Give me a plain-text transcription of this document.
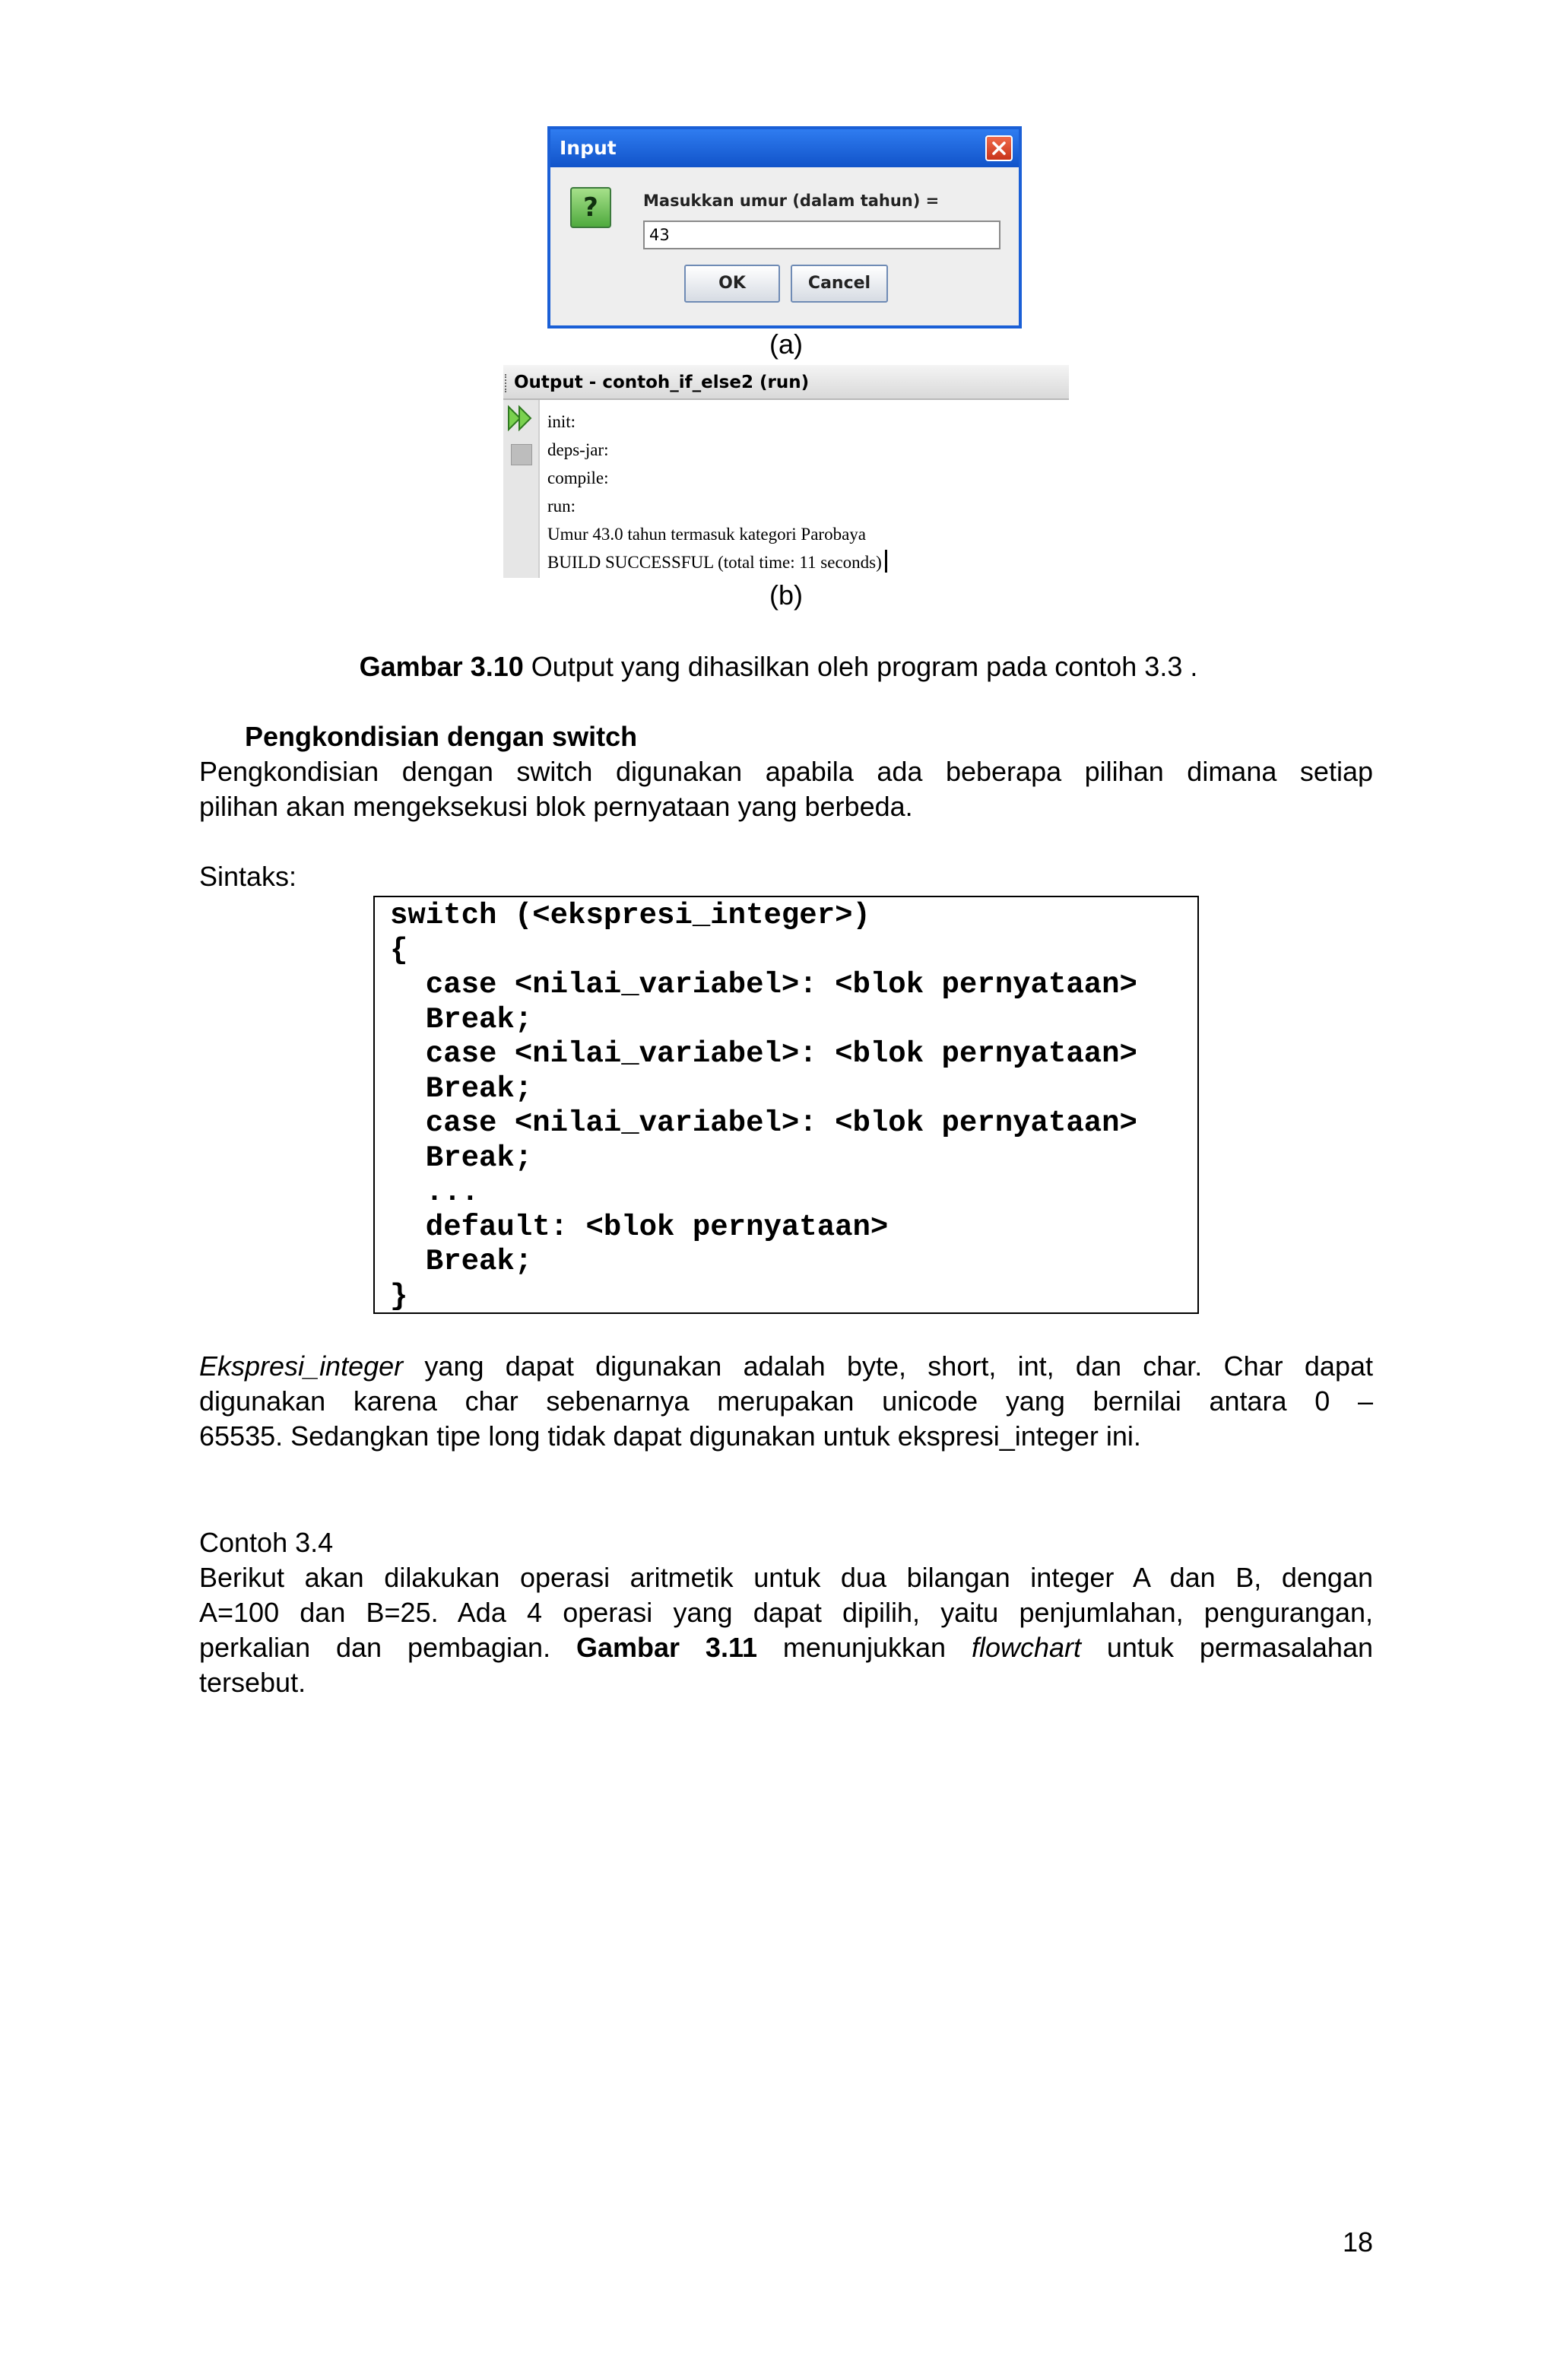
Input
?	Masukkan umur (dalam tahun) =
43
OK	Cancel
(a)
Output - contoh_if_else2 (run)
init:
deps-jar:
compile:
run:
Umur 43.0 tahun termasuk kategori Parobaya
BUILD SUCCESSFUL (total time: 11 seconds)
(b)
Gambar 3.10 Output yang dihasilkan oleh program pada contoh 3.3 .
Pengkondisian dengan switch
Pengkondisian dengan switch digunakan apabila ada beberapa pilihan dimana setiap
pilihan akan mengeksekusi blok pernyataan yang berbeda.
Sintaks:
switch (<ekspresi_integer>)
{
case <nilai_variabel>: <blok pernyataan>
Break;
case <nilai_variabel>: <blok pernyataan>
Break;
case <nilai_variabel>: <blok pernyataan>
Break;
...
default: <blok pernyataan>
Break;
}
Ekspresi_integer yang dapat digunakan adalah byte, short, int, dan char. Char dapat
digunakan karena char sebenarnya merupakan unicode yang bernilai antara 0 –
65535. Sedangkan tipe long tidak dapat digunakan untuk ekspresi_integer ini.
Contoh 3.4
Berikut akan dilakukan operasi aritmetik untuk dua bilangan integer A dan B, dengan
A=100 dan B=25. Ada 4 operasi yang dapat dipilih, yaitu penjumlahan, pengurangan,
perkalian dan pembagian. Gambar 3.11 menunjukkan flowchart untuk permasalahan
tersebut.
18
